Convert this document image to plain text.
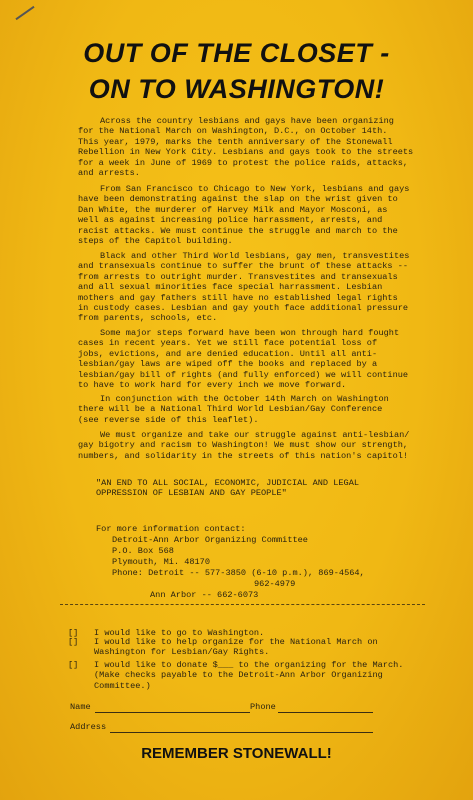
OUT OF THE CLOSET -
ON TO WASHINGTON!
Across the country lesbians and gays have been organizing
for the National March on Washington, D.C., on October 14th.
This year, 1979, marks the tenth anniversary of the Stonewall
Rebellion in New York City. Lesbians and gays took to the streets
for a week in June of 1969 to protest the police raids, attacks,
and arrests.
From San Francisco to Chicago to New York, lesbians and gays
have been demonstrating against the slap on the wrist given to
Dan White, the murderer of Harvey Milk and Mayor Mosconi, as
well as against increasing police harrassment, arrests, and
racist attacks. We must continue the struggle and march to the
steps of the Capitol building.
Black and other Third World lesbians, gay men, transvestites
and transexuals continue to suffer the brunt of these attacks --
from arrests to outright murder. Transvestites and transexuals
and all sexual minorities face special harrassment. Lesbian
mothers and gay fathers still have no established legal rights
in custody cases. Lesbian and gay youth face additional pressure
from parents, schools, etc.
Some major steps forward have been won through hard fought
cases in recent years. Yet we still face potential loss of
jobs, evictions, and are denied education. Until all anti-
lesbian/gay laws are wiped off the books and replaced by a
lesbian/gay bill of rights (and fully enforced) we will continue
to have to work hard for every inch we move forward.
In conjunction with the October 14th March on Washington
there will be a National Third World Lesbian/Gay Conference
(see reverse side of this leaflet).
We must organize and take our struggle against anti-lesbian/
gay bigotry and racism to Washington! We must show our strength,
numbers, and solidarity in the streets of this nation's capitol!
"AN END TO ALL SOCIAL, ECONOMIC, JUDICIAL AND LEGAL
OPPRESSION OF LESBIAN AND GAY PEOPLE"
For more information contact:
Detroit-Ann Arbor Organizing Committee
P.O. Box 568
Plymouth, Mi. 48170
Phone: Detroit -- 577-3850 (6-10 p.m.), 869-4564,
962-4979
Ann Arbor -- 662-6073

[] I would like to go to Washington.

[]	I would like to help organize for the National March on
Washington for Lesbian/Gay Rights.
[]	I would like to donate $___ to the organizing for the March.
(Make checks payable to the Detroit-Ann Arbor Organizing
Committee.)
Name	Phone
Address
REMEMBER STONEWALL!
